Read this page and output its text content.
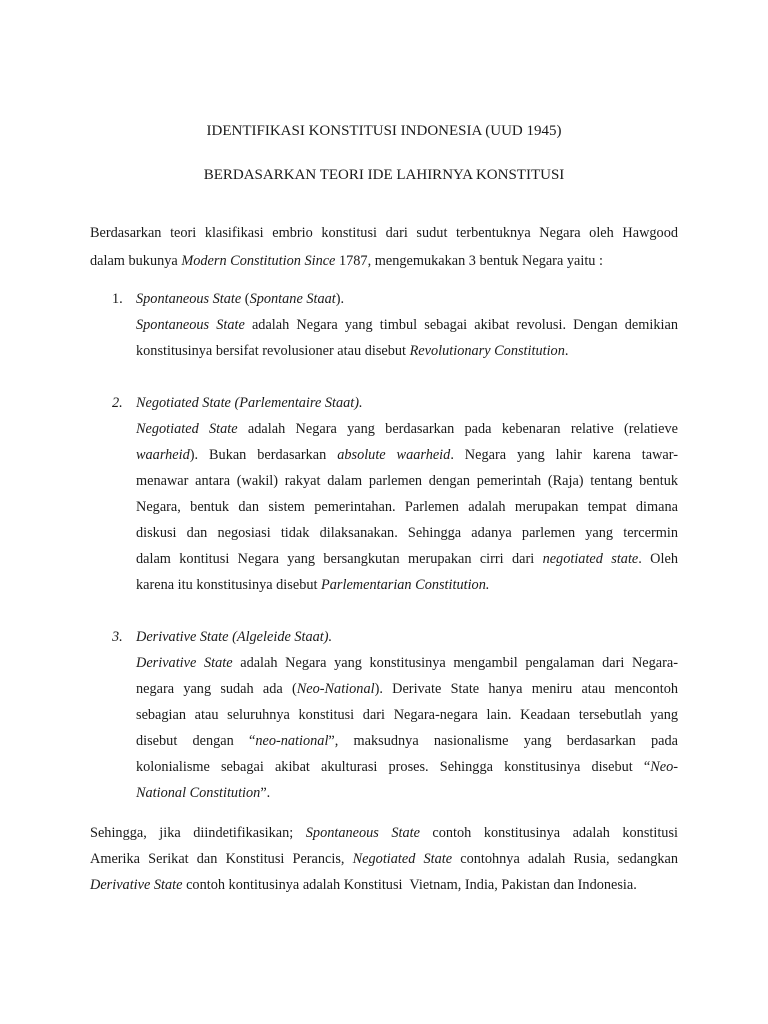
IDENTIFIKASI KONSTITUSI INDONESIA (UUD 1945)
BERDASARKAN TEORI IDE LAHIRNYA KONSTITUSI
Berdasarkan teori klasifikasi embrio konstitusi dari sudut terbentuknya Negara oleh Hawgood
dalam bukunya Modern Constitution Since 1787, mengemukakan 3 bentuk Negara yaitu :
1. Spontaneous State (Spontane Staat).
Spontaneous State adalah Negara yang timbul sebagai akibat revolusi. Dengan demikian
konstitusinya bersifat revolusioner atau disebut Revolutionary Constitution.
2. Negotiated State (Parlementaire Staat).
Negotiated State adalah Negara yang berdasarkan pada kebenaran relative (relatieve
waarheid). Bukan berdasarkan absolute waarheid. Negara yang lahir karena tawar-
menawar antara (wakil) rakyat dalam parlemen dengan pemerintah (Raja) tentang bentuk
Negara, bentuk dan sistem pemerintahan. Parlemen adalah merupakan tempat dimana
diskusi dan negosiasi tidak dilaksanakan. Sehingga adanya parlemen yang tercermin
dalam kontitusi Negara yang bersangkutan merupakan cirri dari negotiated state. Oleh
karena itu konstitusinya disebut Parlementarian Constitution.
3. Derivative State (Algeleide Staat).
Derivative State adalah Negara yang konstitusinya mengambil pengalaman dari Negara-
negara yang sudah ada (Neo-National). Derivate State hanya meniru atau mencontoh
sebagian atau seluruhnya konstitusi dari Negara-negara lain. Keadaan tersebutlah yang
disebut dengan “neo-national”, maksudnya nasionalisme yang berdasarkan pada
kolonialisme sebagai akibat akulturasi proses. Sehingga konstitusinya disebut “Neo-
National Constitution”.
Sehingga, jika diindetifikasikan; Spontaneous State contoh konstitusinya adalah konstitusi
Amerika Serikat dan Konstitusi Perancis, Negotiated State contohnya adalah Rusia, sedangkan
Derivative State contoh kontitusinya adalah Konstitusi  Vietnam, India, Pakistan dan Indonesia.
